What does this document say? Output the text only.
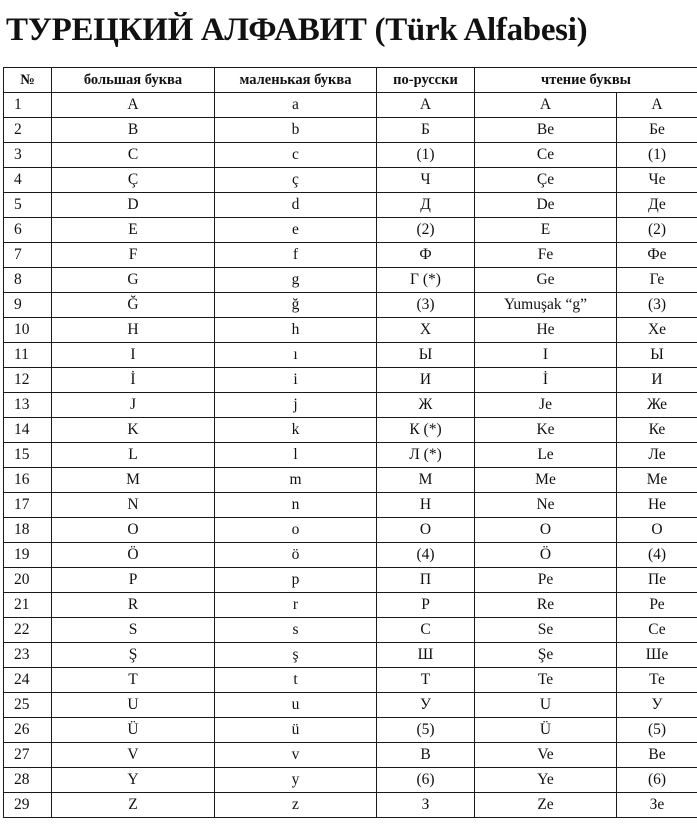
ТУРЕЦКИЙ АЛФАВИТ (Türk Alfabesi)
№	большая буква	маленькая буква	по-русски	чтение буквы	
1	A	a	А	A	А
2	B	b	Б	Be	Бе
3	C	c	(1)	Ce	(1)
4	Ç	ç	Ч	Çe	Че
5	D	d	Д	De	Де
6	E	e	(2)	E	(2)
7	F	f	Ф	Fe	Фе
8	G	g	Г (*)	Ge	Ге
9	Ğ	ğ	(3)	Yumuşak “g”	(3)
10	H	h	Х	He	Хе
11	I	ı	Ы	I	Ы
12	İ	i	И	İ	И
13	J	j	Ж	Je	Же
14	K	k	К (*)	Ke	Ке
15	L	l	Л (*)	Le	Ле
16	M	m	М	Me	Ме
17	N	n	Н	Ne	Не
18	O	o	О	O	О
19	Ö	ö	(4)	Ö	(4)
20	P	p	П	Pe	Пе
21	R	r	Р	Re	Ре
22	S	s	С	Se	Се
23	Ş	ş	Ш	Şe	Ше
24	T	t	Т	Te	Те
25	U	u	У	U	У
26	Ü	ü	(5)	Ü	(5)
27	V	v	В	Ve	Ве
28	Y	y	(6)	Ye	(6)
29	Z	z	З	Ze	Зе
